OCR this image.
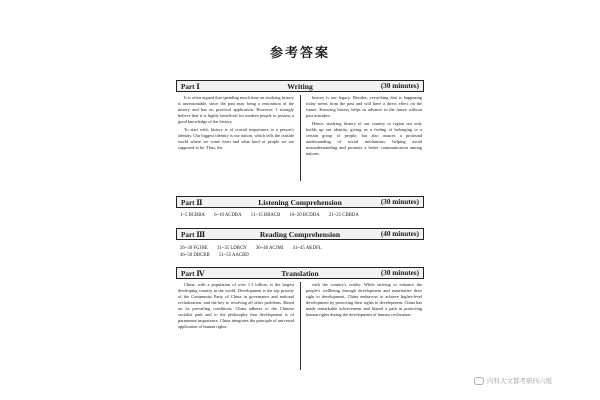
参考答案
Part Ⅰ	Writing	(30 minutes)

It is often argued that spending much time on studying history is unreasonable, since the past may bring a restoration of the misery and has no practical application. However, I strongly believe that it is highly beneficial for modern people to possess a good knowledge of the history.

To start with, history is of crucial importance to a person's identity. Our biggest identity is our nation, which tells the outside world where we come from and what kind of people we are supposed to be. Thus, the

history is our legacy. Besides, everything that is happening today stems from the past and will have a direct effect on the future. Knowing history helps us advance in the future without past mistakes.

Hence, studying history of our country or region not only builds up our identity, giving us a feeling of belonging to a certain group of people, but also assures a profound understanding of social mechanism, helping avoid misunderstanding and promote a better communication among nations.

Part Ⅱ	Listening Comprehension	(30 minutes)
1~5 BCBBA 6~10 ACDBA 11~15 BBACB 16~20 BCDDA 21~25 CBBDA
Part Ⅲ	Reading Comprehension	(40 minutes)
26~30 FGJHE 31~35 LDBCN 36~40 ACJMI 41~45 AKDFL
46~50 DBCBB 51~55 AACBD
Part Ⅳ	Translation	(30 minutes)

China, with a population of over 1.3 billion, is the largest developing country in the world. Development is the top priority of the Communist Party of China in governance and national revitalization, and the key to resolving all other problems. Based on its prevailing conditions, China adheres to the Chinese socialist path and to the philosophy that development is of paramount importance. China integrates the principle of universal application of human rights

with the country's reality. While striving to enhance the people's wellbeing through development and materialize their right to development, China endeavors to achieve higher-level development by protecting their rights to development. China has made remarkable achievement and blazed a path in protecting human rights during the development of human civilization.

内科大文都考研四六级
